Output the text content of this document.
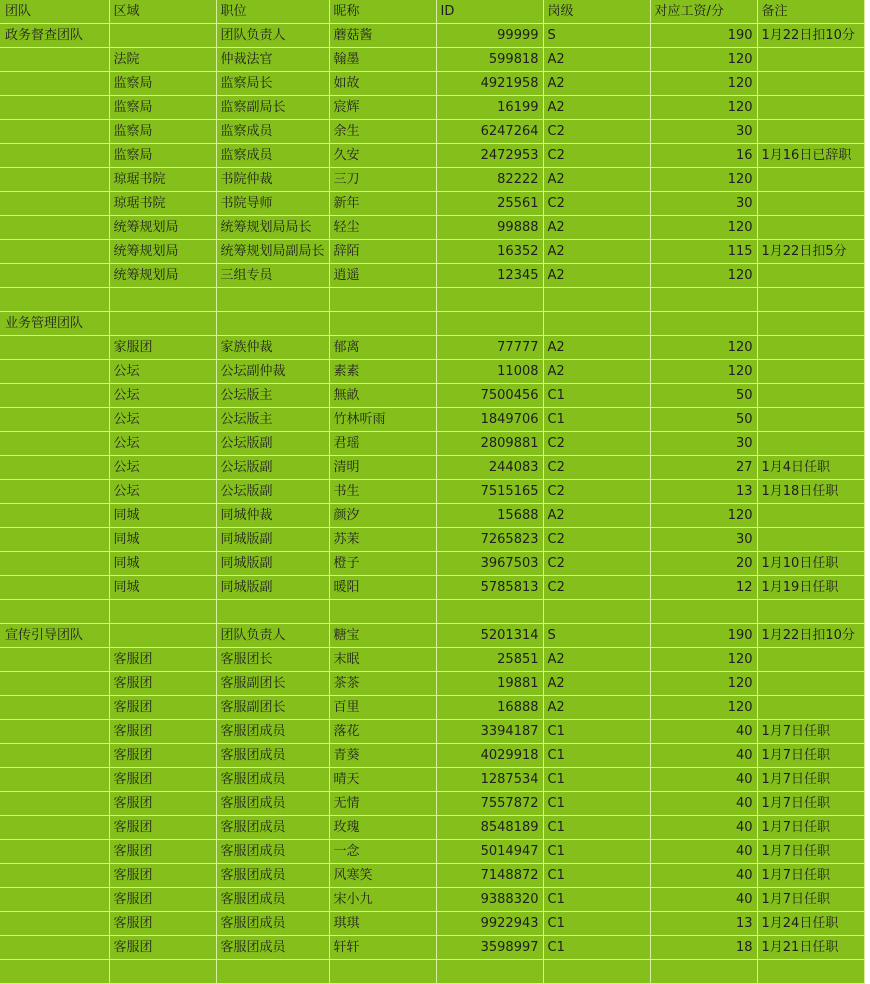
团队	区域	职位	昵称	ID	岗级	对应工资/分	备注
政务督查团队		团队负责人	蘑菇酱	99999	S	190	1月22日扣10分
	法院	仲裁法官	翰墨	599818	A2	120	
	监察局	监察局长	如故	4921958	A2	120	
	监察局	监察副局长	宸辉	16199	A2	120	
	监察局	监察成员	余生	6247264	C2	30	
	监察局	监察成员	久安	2472953	C2	16	1月16日已辞职
	琼琚书院	书院仲裁	三刀	82222	A2	120	
	琼琚书院	书院导师	新年	25561	C2	30	
	统筹规划局	统筹规划局局长	轻尘	99888	A2	120	
	统筹规划局	统筹规划局副局长	辞陌	16352	A2	115	1月22日扣5分
	统筹规划局	三组专员	逍遥	12345	A2	120	

业务管理团队							
	家服团	家族仲裁	郁离	77777	A2	120	
	公坛	公坛副仲裁	素素	11008	A2	120	
	公坛	公坛版主	無畝	7500456	C1	50	
	公坛	公坛版主	竹林听雨	1849706	C1	50	
	公坛	公坛版副	君瑶	2809881	C2	30	
	公坛	公坛版副	清明	244083	C2	27	1月4日任职
	公坛	公坛版副	书生	7515165	C2	13	1月18日任职
	同城	同城仲裁	颜汐	15688	A2	120	
	同城	同城版副	苏茉	7265823	C2	30	
	同城	同城版副	橙子	3967503	C2	20	1月10日任职
	同城	同城版副	暖阳	5785813	C2	12	1月19日任职

宣传引导团队		团队负责人	糖宝	5201314	S	190	1月22日扣10分
	客服团	客服团长	末眠	25851	A2	120	
	客服团	客服副团长	茶茶	19881	A2	120	
	客服团	客服副团长	百里	16888	A2	120	
	客服团	客服团成员	落花	3394187	C1	40	1月7日任职
	客服团	客服团成员	青葵	4029918	C1	40	1月7日任职
	客服团	客服团成员	晴天	1287534	C1	40	1月7日任职
	客服团	客服团成员	无情	7557872	C1	40	1月7日任职
	客服团	客服团成员	玫瑰	8548189	C1	40	1月7日任职
	客服团	客服团成员	一念	5014947	C1	40	1月7日任职
	客服团	客服团成员	风寒笑	7148872	C1	40	1月7日任职
	客服团	客服团成员	宋小九	9388320	C1	40	1月7日任职
	客服团	客服团成员	琪琪	9922943	C1	13	1月24日任职
	客服团	客服团成员	轩轩	3598997	C1	18	1月21日任职
